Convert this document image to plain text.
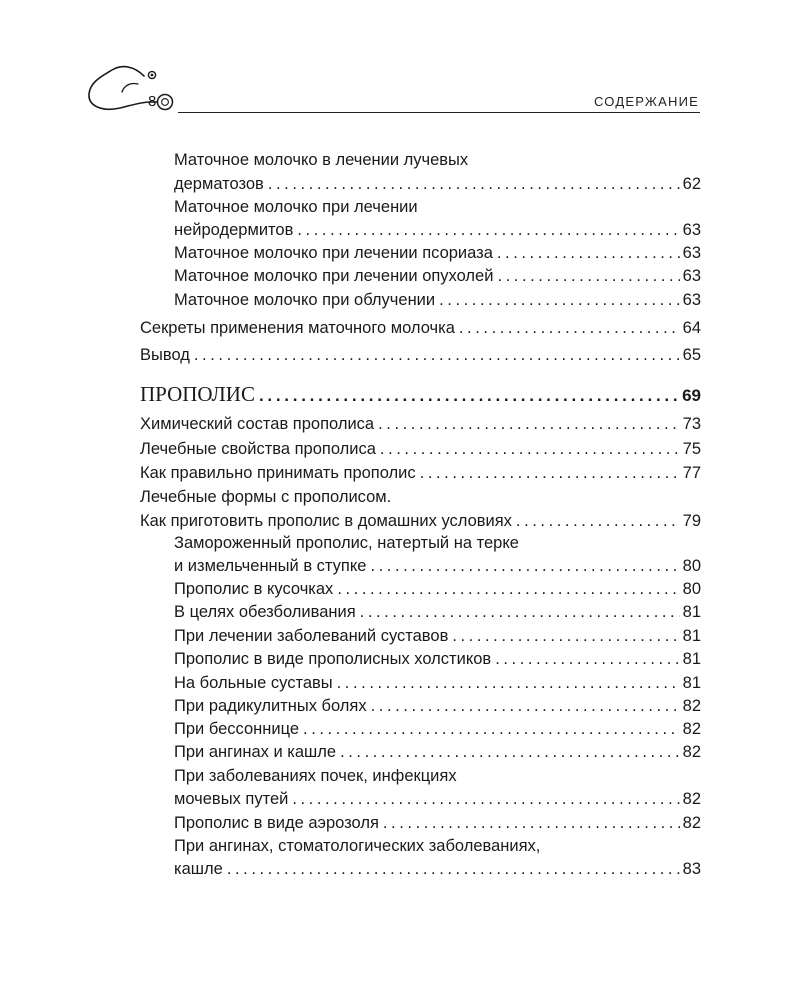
8	СОДЕРЖАНИЕ
Маточное молочко в лечении лучевых
дерматозов . . .	62
Маточное молочко при лечении
нейродермитов . . .	63
Маточное молочко при лечении псориаза . . .	63
Маточное молочко при лечении опухолей . . .	63
Маточное молочко при облучении . . .	63
Секреты применения маточного молочка . . .	64
Вывод . . .	65
ПРОПОЛИС . . .	69
Химический состав прополиса . . .	73
Лечебные свойства прополиса . . .	75
Как правильно принимать прополис . . .	77
Лечебные формы с прополисом.
Как приготовить прополис в домашних условиях . . .	79
Замороженный прополис, натертый на терке
и измельченный в ступке . . .	80
Прополис в кусочках . . .	80
В целях обезболивания . . .	81
При лечении заболеваний суставов . . .	81
Прополис в виде прополисных холстиков . . .	81
На больные суставы . . .	81
При радикулитных болях . . .	82
При бессоннице . . .	82
При ангинах и кашле . . .	82
При заболеваниях почек, инфекциях
мочевых путей . . .	82
Прополис в виде аэрозоля . . .	82
При ангинах, стоматологических заболеваниях,
кашле . . .	83
